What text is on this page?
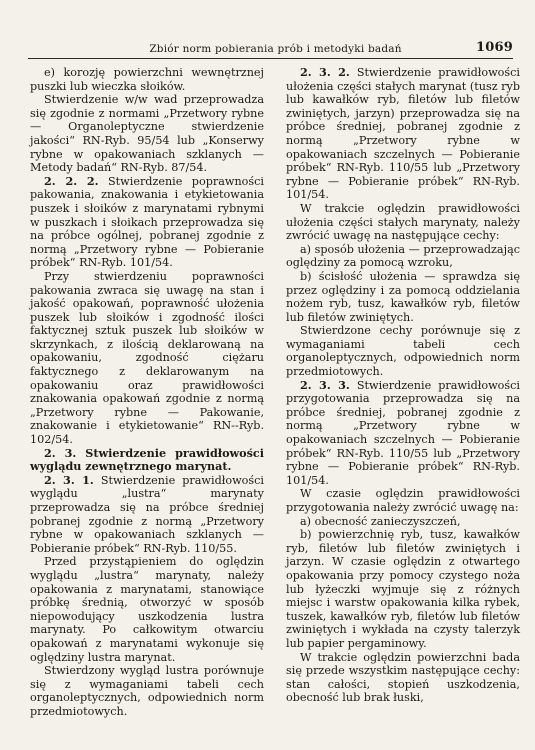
Zbiór norm pobierania prób i metodyki badań	1069

e) korozję powierzchni wewnętrznej puszki lub wieczka słoików.

Stwierdzenie w/w wad przeprowadza się zgodnie z normami „Przetwory rybne — Organoleptyczne stwierdzenie jakości“ RN-Ryb. 95/54 lub „Konserwy rybne w opakowaniach szklanych — Metody badań“ RN-Ryb. 87/54.

2. 2. 2. Stwierdzenie poprawności pakowania, znakowania i etykietowania puszek i słoików z marynatami rybnymi w puszkach i słoikach przeprowadza się na próbce ogólnej, pobranej zgodnie z normą „Przetwory rybne — Pobieranie próbek“ RN-Ryb. 101/54.

Przy stwierdzeniu poprawności pakowania zwraca się uwagę na stan i jakość opakowań, poprawność ułożenia puszek lub słoików i zgodność ilości faktycznej sztuk puszek lub słoików w skrzynkach, z ilością deklarowaną na opakowaniu, zgodność ciężaru faktycznego z deklarowanym na opakowaniu oraz prawidłowości znakowania opakowań zgodnie z normą „Przetwory rybne — Pakowanie, znakowanie i etykietowanie“ RN--Ryb. 102/54.

2. 3. Stwierdzenie prawidłowości wyglądu zewnętrznego marynat.

2. 3. 1. Stwierdzenie prawidłowości wyglądu „lustra“ marynaty przeprowadza się na próbce średniej pobranej zgodnie z normą „Przetwory rybne w opakowaniach szklanych — Pobieranie próbek“ RN-Ryb. 110/55.

Przed przystąpieniem do oględzin wyglądu „lustra“ marynaty, należy opakowania z marynatami, stanowiące próbkę średnią, otworzyć w sposób niepowodujący uszkodzenia lustra marynaty. Po całkowitym otwarciu opakowań z marynatami wykonuje się oględziny lustra marynat.

Stwierdzony wygląd lustra porównuje się z wymaganiami tabeli cech organoleptycznych, odpowiednich norm przedmiotowych.

2. 3. 2. Stwierdzenie prawidłowości ułożenia części stałych marynat (tusz ryb lub kawałków ryb, filetów lub filetów zwiniętych, jarzyn) przeprowadza się na próbce średniej, pobranej zgodnie z normą „Przetwory rybne w opakowaniach szczelnych — Pobieranie próbek“ RN-Ryb. 110/55 lub „Przetwory rybne — Pobieranie próbek“ RN-Ryb. 101/54.

W trakcie oględzin prawidłowości ułożenia części stałych marynaty, należy zwrócić uwagę na następujące cechy:

a) sposób ułożenia — przeprowadzając oględziny za pomocą wzroku,

b) ścisłość ułożenia — sprawdza się przez oględziny i za pomocą oddzielania nożem ryb, tusz, kawałków ryb, filetów lub filetów zwiniętych.

Stwierdzone cechy porównuje się z wymaganiami tabeli cech organoleptycznych, odpowiednich norm przedmiotowych.

2. 3. 3. Stwierdzenie prawidłowości przygotowania przeprowadza się na próbce średniej, pobranej zgodnie z normą „Przetwory rybne w opakowaniach szczelnych — Pobieranie próbek“ RN-Ryb. 110/55 lub „Przetwory rybne — Pobieranie próbek“ RN-Ryb. 101/54.

W czasie oględzin prawidłowości przygotowania należy zwrócić uwagę na:

a) obecność zanieczyszczeń,

b) powierzchnię ryb, tusz, kawałków ryb, filetów lub filetów zwiniętych i jarzyn. W czasie oględzin z otwartego opakowania przy pomocy czystego noża lub łyżeczki wyjmuje się z różnych miejsc i warstw opakowania kilka rybek, tuszek, kawałków ryb, filetów lub filetów zwiniętych i wykłada na czysty talerzyk lub papier pergaminowy.

W trakcie oględzin powierzchni bada się przede wszystkim następujące cechy: stan całości, stopień uszkodzenia, obecność lub brak łuski,
